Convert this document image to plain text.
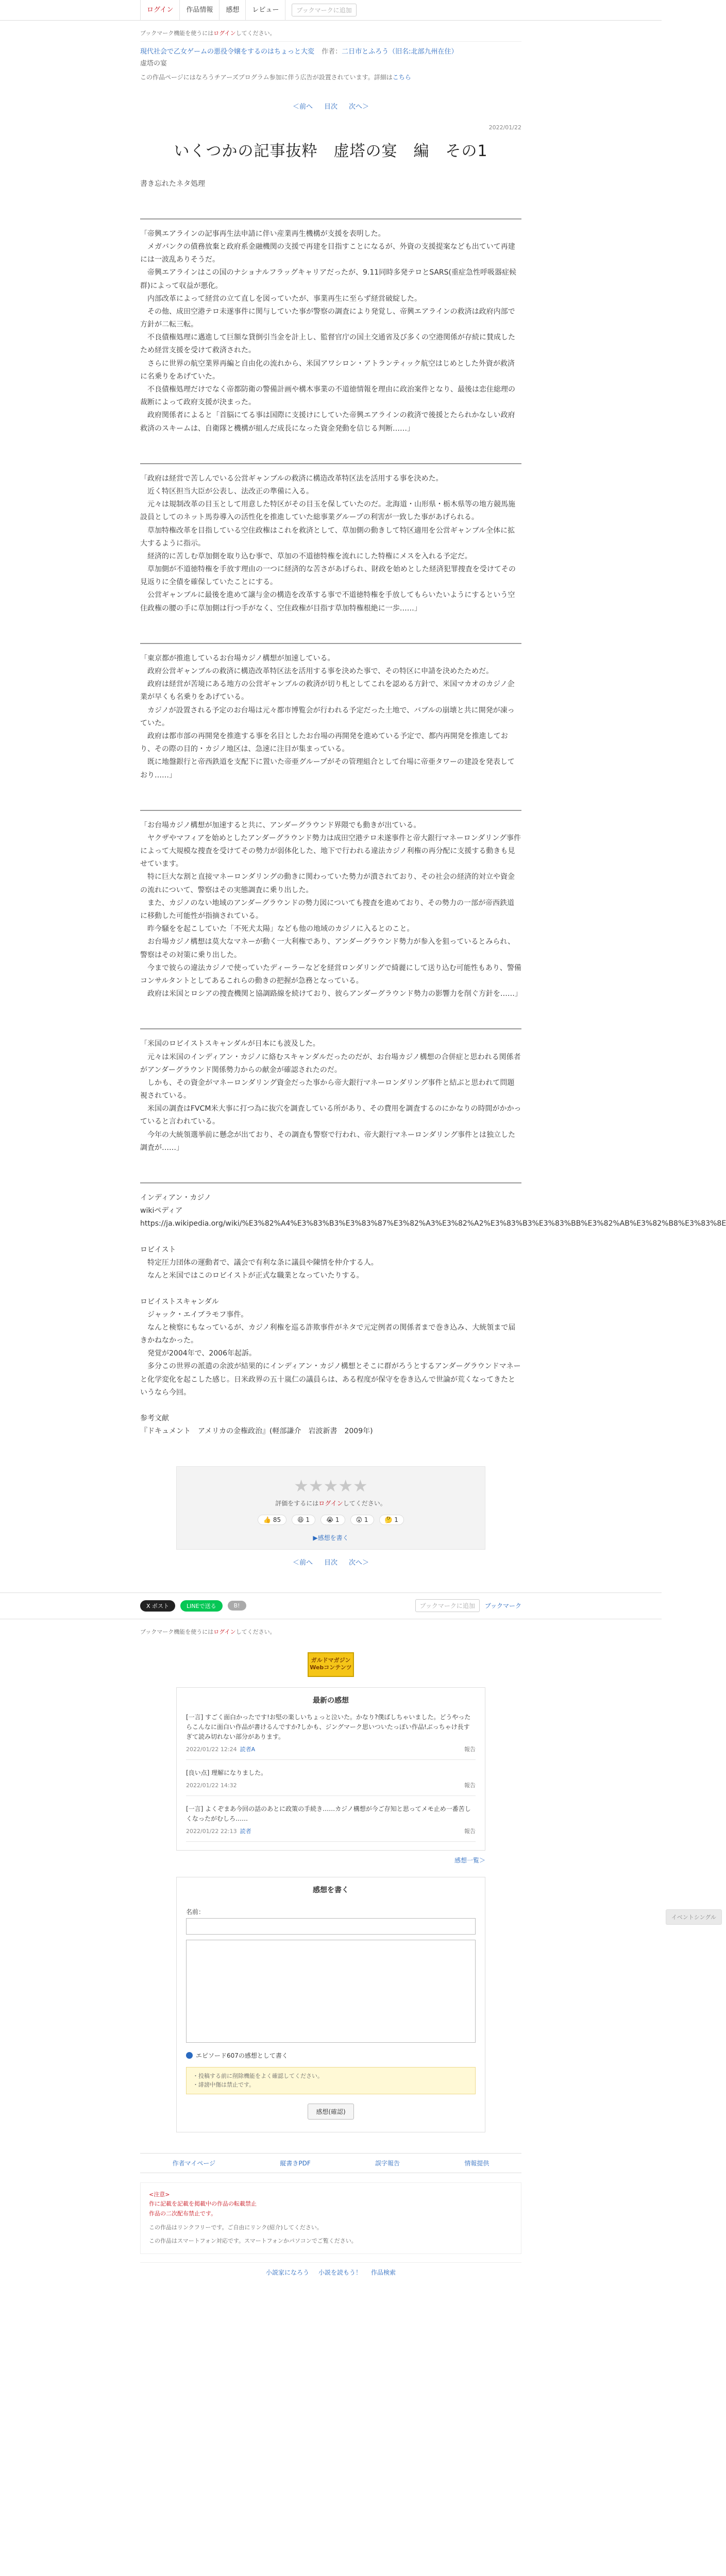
ログイン	作品情報	感想	レビュー	ブックマークに追加
ブックマーク機能を使うにはログインしてください。
現代社会で乙女ゲームの悪役令嬢をするのはちょっと大変 作者：二日市とふろう（旧名:北部九州在住）
虚塔の宴
この作品ページにはなろうチアーズプログラム参加に伴う広告が設置されています。詳細はこちら
＜前へ 目次 次へ＞
2022/01/22
いくつかの記事抜粋　虚塔の宴　編　その1
書き忘れたネタ処理
「帝興エアラインの記事再生法申請に伴い産業再生機構が支援を表明した。
　メガバンクの債務放棄と政府系金融機関の支援で再建を目指すことになるが、外資の支援提案なども出ていて再建には一波乱ありそうだ。
　帝興エアラインはこの国のナショナルフラッグキャリアだったが、9.11同時多発テロとSARS(重症急性呼吸器症候群)によって収益が悪化。
　内部改革によって経営の立て直しを図っていたが、事業再生に至らず経営破綻した。
　その他、成田空港テロ未遂事件に関与していた事が警察の調査により発覚し、帝興エアラインの救済は政府内部で方針が二転三転。
　不良債権処理に邁進して巨額な貸倒引当金を計上し、監督官庁の国土交通省及び多くの空港関係が存続に賛成したため経営支援を受けて救済された。
　さらに世界の航空業界再編と自由化の流れから、米国アワシロン・アトランティック航空はじめとした外資が救済に名乗りをあげていた。
　不良債権処理だけでなく帝都防衛の警備計画や構木事業の不道徳情報を理由に政治案件となり、最後は恋住総理の裁断によって政府支援が決まった。
　政府関係者によると「首脳にてる事は国際に支援けにしていた帝興エアラインの救済で後援とたられかなしい政府救済のスキームは、自衛隊と機構が組んだ成長になった資金発動を信じる判断……」
「政府は経営で苦しんでいる公営ギャンブルの救済に構造改革特区法を活用する事を決めた。
　近く特区担当大臣が公表し、法改正の準備に入る。
　元々は規制改革の目玉として用意した特区がその目玉を保していたのだ。北海道・山形県・栃木県等の地方競馬施設員としてのネット馬券導入の活性化を推進していた総事業グループの利害が一致した事があげられる。
　草加特権改革を目指している空住政権はこれを救済として、草加側の動きして特区適用を公営ギャンブル全体に拡大するように指示。
　経済的に苦しむ草加側を取り込む事で、草加の不道徳特権を流れにした特権にメスを入れる予定だ。
　草加側が不道徳特権を手放す理由の一つに経済的な苦さがあげられ、財政を始めとした経済犯罪捜査を受けてその見返りに全債を確保していたことにする。
　公営ギャンブルに最後を進めて譲与金の構造を改革する事で不道徳特権を手放してもらいたいようにするという空住政権の腰の手に草加側は行つ手がなく、空住政権が目指す草加特権根絶に一歩……」
「東京都が推進しているお台場カジノ構想が加速している。
　政府公営ギャンブルの救済に構造改革特区法を活用する事を決めた事で、その特区に申請を決めたためだ。
　政府は経営が苦境にある地方の公営ギャンブルの救済が切り札としてこれを認める方針で、米国マカオのカジノ企業が早くも名乗りをあげている。
　カジノが設置される予定のお台場は元々都市博覧会が行われる予定だった土地で、バブルの崩壊と共に開発が凍っていた。
　政府は都市部の再開発を推進する事を名目としたお台場の再開発を進めている予定で、都内再開発を推進しており、その際の目的・カジノ地区は、急速に注目が集まっている。
　既に地盤銀行と帝西鉄道を支配下に置いた帝亜グループがその管理組合として台場に帝亜タワーの建設を発表しており……」
「お台場カジノ構想が加速すると共に、アンダーグラウンド界隈でも動きが出ている。
　ヤクザやマフィアを始めとしたアンダーグラウンド勢力は成田空港テロ未遂事件と帝大銀行マネーロンダリング事件によって大規模な捜査を受けてその勢力が弱体化した、地下で行われる違法カジノ利権の再分配に支援する動きも見せています。
　特に巨大な割と直接マネーロンダリングの動きに関わっていた勢力が潰されており、その社会の経済的対立や資金の流れについて、警察はその実態調査に乗り出した。
　また、カジノのない地域のアンダーグラウンドの勢力図についても捜査を進めており、その勢力の一部が帝西鉄道に移動した可能性が指摘されている。
　昨今騒をを起こしていた「不死犬太陽」なども他の地域のカジノに入るとのこと。
　お台場カジノ構想は莫大なマネーが動く一大利権であり、アンダーグラウンド勢力が参入を狙っているとみられ、警察はその対策に乗り出した。
　今まで彼らの違法カジノで使っていたディーラーなどを経営ロンダリングで綺麗にして送り込む可能性もあり、警備コンサルタントとしてあるこれらの動きの把握が急務となっている。
　政府は米国とロシアの捜査機関と協調路線を続けており、彼らアンダーグラウンド勢力の影響力を削ぐ方針を……」
「米国のロビイストスキャンダルが日本にも波及した。
　元々は米国のインディアン・カジノに絡むスキャンダルだったのだが、お台場カジノ構想の合併症と思われる関係者がアンダーグラウンド関係勢力からの献金が確認されたのだ。
　しかも、その資金がマネーロンダリング資金だった事から帝大銀行マネーロンダリング事件と結ぶと思われて問題視されている。
　米国の調査はFVCM米大事に打つ為に抜穴を調査している所があり、その費用を調査するのにかなりの時間がかかっていると言われている。
　今年の大統領選挙前に懸念が出ており、その調査も警察で行われ、帝大銀行マネーロンダリング事件とは独立した調査が……」
インディアン・カジノ
wikiペディア
https://ja.wikipedia.org/wiki/%E3%82%A4%E3%83%B3%E3%83%87%E3%82%A3%E3%82%A2%E3%83%B3%E3%83%BB%E3%82%AB%E3%82%B8%E3%83%8E

ロビイスト
　特定圧力団体の運動者で、議会で有利な条に議員や陳情を仲介する人。
　なんと米国ではこのロビイストが正式な職業となっていたりする。

ロビイストスキャンダル
　ジャック・エイブラモフ事件。
　なんと検察にもなっているが、カジノ利権を巡る詐欺事件がネタで元定例者の関係者まで巻き込み、大統領まで届きかねなかった。
　発覚が2004年で、2006年起訴。
　多分この世界の派遣の余波が結果的にインディアン・カジノ構想とそこに群がろうとするアンダーグラウンドマネーと化学変化を起こした感じ。日米政界の五十嵐仁の議員らは、ある程度が保守を巻き込んで世論が荒くなってきたというなら今回。

参考文献
『ドキュメント　アメリカの金権政治』(軽部謙介　岩波新書　2009年)
★★★★★
評価をするにはログインしてください。
👍 85	😆 1	😭 1	😲 1	🤔 1
▶感想を書く
＜前へ 目次 次へ＞
イベントシングル
X ポスト	LINEで送る	B!	ブックマークに追加	ブックマーク
ブックマーク機能を使うにはログインしてください。
ガルドマガジン Webコンテンツ
最新の感想
[一言] すごく面白かったです!お堅の楽しいちょっと泣いた。かなり?僕ばしちゃいました。どうやったらこんなに面白い作品が書けるんですか?しかも、ジングマーク思いついたっぽい作品!ぶっちゃけ長すぎて読み切れない部分があります。
2022/01/22 12:24 読者A	報告
[良い点] 理解になりました。
2022/01/22 14:32	報告
[一言] よくぞまあ今回の話のあとに政策の手続き……カジノ構想が今ご存知と思ってメモ止め一番苦しくなったがむしろ……
2022/01/22 22:13 読者	報告
感想一覧＞
感想を書く
名前：
エピソード607の感想として書く
・投稿する前に削除機能をよく確認してください。
・誹謗中傷は禁止です。
感想(確認)
作者マイページ	縦書きPDF	誤字報告	情報提供
<注意>
作に記載を記載を掲載中の作品の転載禁止
作品の二次配布禁止です。
この作品はリンクフリーです。ご自由にリンク(紹介)してください。
この作品はスマートフォン対応です。スマートフォンかパソコンでご覧ください。
小説家になろう 小説を読もう！ 作品検索
